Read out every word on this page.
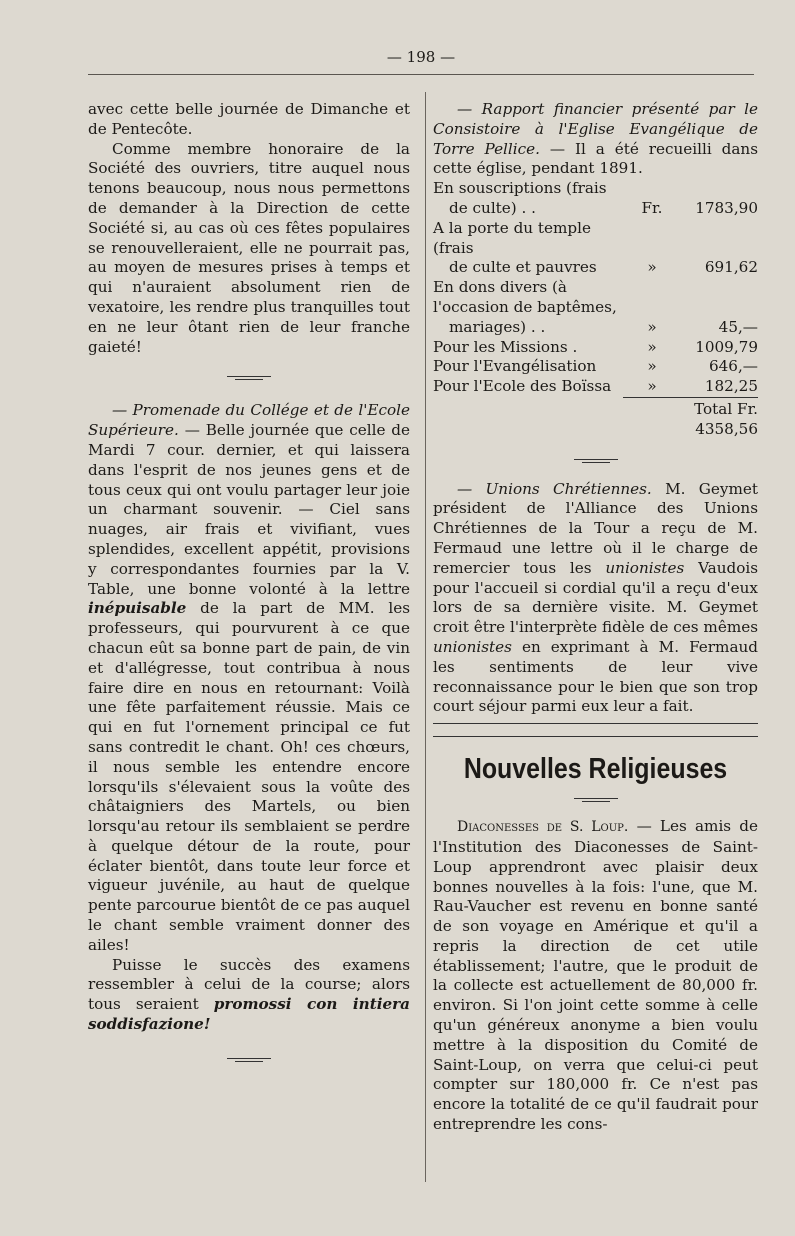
— 198 —

avec cette belle journée de Dimanche et de Pentecôte.

Comme membre honoraire de la Société des ouvriers, titre auquel nous tenons beaucoup, nous nous permettons de demander à la Direction de cette Société si, au cas où ces fêtes populaires se renouvelleraient, elle ne pourrait pas, au moyen de mesures prises à temps et qui n'auraient absolument rien de vexatoire, les rendre plus tranquilles tout en ne leur ôtant rien de leur franche gaieté!

— Promenade du Collége et de l'Ecole Supérieure. — Belle journée que celle de Mardi 7 cour. dernier, et qui laissera dans l'esprit de nos jeunes gens et de tous ceux qui ont voulu partager leur joie un charmant souvenir. — Ciel sans nuages, air frais et vivifiant, vues splendides, excellent appétit, provisions y correspondantes fournies par la V. Table, une bonne volonté à la lettre inépuisable de la part de MM. les professeurs, qui pourvurent à ce que chacun eût sa bonne part de pain, de vin et d'allégresse, tout contribua à nous faire dire en nous en retournant: Voilà une fête parfaitement réussie. Mais ce qui en fut l'ornement principal ce fut sans contredit le chant. Oh! ces chœurs, il nous semble les entendre encore lorsqu'ils s'élevaient sous la voûte des châtaigniers des Martels, ou bien lorsqu'au retour ils semblaient se perdre à quelque détour de la route, pour éclater bientôt, dans toute leur force et vigueur juvénile, au haut de quelque pente parcourue bientôt de ce pas auquel le chant semble vraiment donner des ailes!

Puisse le succès des examens ressembler à celui de la course; alors tous seraient promossi con intiera soddisfazione!

— Rapport financier présenté par le Consistoire à l'Eglise Evangélique de Torre Pellice. — Il a été recueilli dans cette église, pendant 1891.

En souscriptions (frais		
de culte) . .	Fr.	1783,90
A la porte du temple (frais		
de culte et pauvres	»	691,62
En dons divers (à l'occasion de baptêmes,		
mariages) . .	»	45,—
Pour les Missions .	»	1009,79
Pour l'Evangélisation	»	646,—
Pour l'Ecole des Boïssa	»	182,25
Total Fr. 4358,56

— Unions Chrétiennes. M. Geymet président de l'Alliance des Unions Chrétiennes de la Tour a reçu de M. Fermaud une lettre où il le charge de remercier tous les unionistes Vaudois pour l'accueil si cordial qu'il a reçu d'eux lors de sa dernière visite. M. Geymet croit être l'interprète fidèle de ces mêmes unionistes en exprimant à M. Fermaud les sentiments de leur vive reconnaissance pour le bien que son trop court séjour parmi eux leur a fait.

Nouvelles Religieuses

Diaconesses de S. Loup. — Les amis de l'Institution des Diaconesses de Saint-Loup apprendront avec plaisir deux bonnes nouvelles à la fois: l'une, que M. Rau-Vaucher est revenu en bonne santé de son voyage en Amérique et qu'il a repris la direction de cet utile établissement; l'autre, que le produit de la collecte est actuellement de 80,000 fr. environ. Si l'on joint cette somme à celle qu'un généreux anonyme a bien voulu mettre à la disposition du Comité de Saint-Loup, on verra que celui-ci peut compter sur 180,000 fr. Ce n'est pas encore la totalité de ce qu'il faudrait pour entreprendre les cons-
